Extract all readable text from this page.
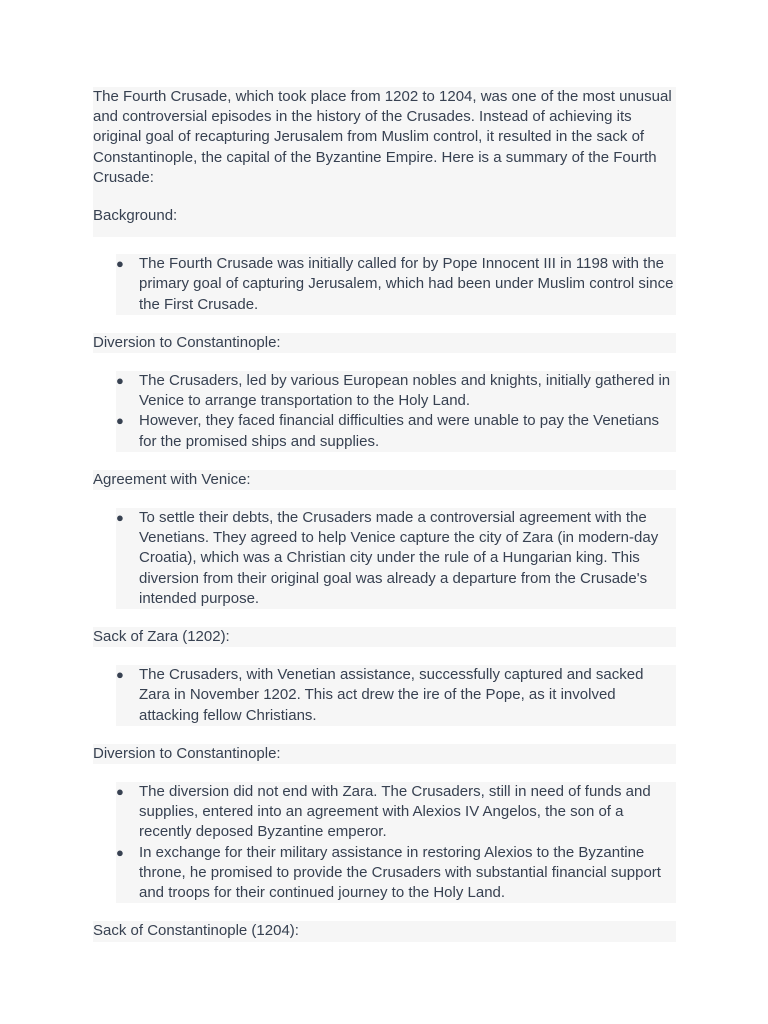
The Fourth Crusade, which took place from 1202 to 1204, was one of the most unusual and controversial episodes in the history of the Crusades. Instead of achieving its original goal of recapturing Jerusalem from Muslim control, it resulted in the sack of Constantinople, the capital of the Byzantine Empire. Here is a summary of the Fourth Crusade:

Background:

●	The Fourth Crusade was initially called for by Pope Innocent III in 1198 with the primary goal of capturing Jerusalem, which had been under Muslim control since the First Crusade.

Diversion to Constantinople:

●	The Crusaders, led by various European nobles and knights, initially gathered in Venice to arrange transportation to the Holy Land.
●	However, they faced financial difficulties and were unable to pay the Venetians for the promised ships and supplies.

Agreement with Venice:

●	To settle their debts, the Crusaders made a controversial agreement with the Venetians. They agreed to help Venice capture the city of Zara (in modern-day Croatia), which was a Christian city under the rule of a Hungarian king. This diversion from their original goal was already a departure from the Crusade's intended purpose.

Sack of Zara (1202):

●	The Crusaders, with Venetian assistance, successfully captured and sacked Zara in November 1202. This act drew the ire of the Pope, as it involved attacking fellow Christians.

Diversion to Constantinople:

●	The diversion did not end with Zara. The Crusaders, still in need of funds and supplies, entered into an agreement with Alexios IV Angelos, the son of a recently deposed Byzantine emperor.
●	In exchange for their military assistance in restoring Alexios to the Byzantine throne, he promised to provide the Crusaders with substantial financial support and troops for their continued journey to the Holy Land.

Sack of Constantinople (1204):
